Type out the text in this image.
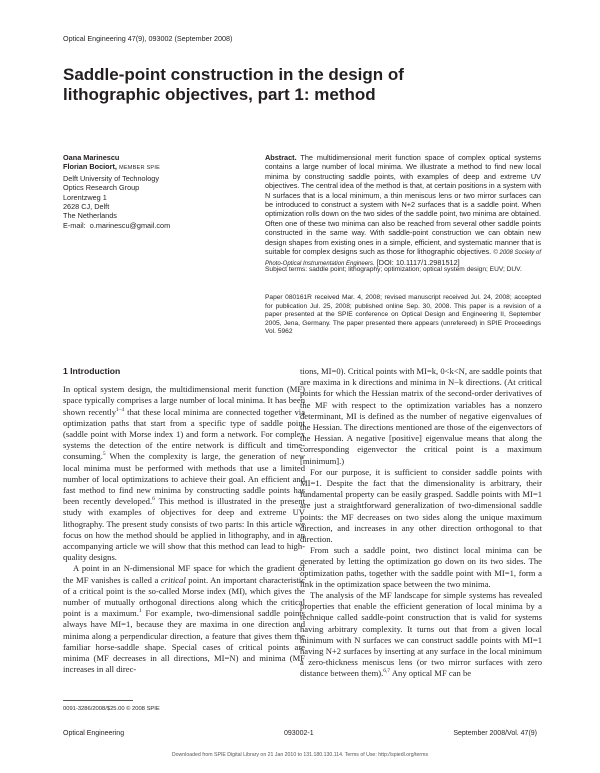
Optical Engineering 47(9), 093002 (September 2008)
Saddle-point construction in the design of lithographic objectives, part 1: method
Oana Marinescu
Florian Bociort, MEMBER SPIE
Delft University of Technology
Optics Research Group
Lorentzweg 1
2628 CJ, Delft
The Netherlands
E-mail: o.marinescu@gmail.com
Abstract. The multidimensional merit function space of complex optical systems contains a large number of local minima. We illustrate a method to find new local minima by constructing saddle points, with examples of deep and extreme UV objectives. The central idea of the method is that, at certain positions in a system with N surfaces that is a local minimum, a thin meniscus lens or two mirror surfaces can be introduced to construct a system with N+2 surfaces that is a saddle point. When optimization rolls down on the two sides of the saddle point, two minima are obtained. Often one of these two minima can also be reached from several other saddle points constructed in the same way. With saddle-point construction we can obtain new design shapes from existing ones in a simple, efficient, and systematic manner that is suitable for complex designs such as those for lithographic objectives. © 2008 Society of Photo-Optical Instrumentation Engineers. [DOI: 10.1117/1.2981512]
Subject terms: saddle point; lithography; optimization; optical system design; EUV; DUV.
Paper 080161R received Mar. 4, 2008; revised manuscript received Jul. 24, 2008; accepted for publication Jul. 25, 2008; published online Sep. 30, 2008. This paper is a revision of a paper presented at the SPIE conference on Optical Design and Engineering II, September 2005, Jena, Germany. The paper presented there appears (unrefereed) in SPIE Proceedings Vol. 5962
1 Introduction

In optical system design, the multidimensional merit function (MF) space typically comprises a large number of local minima. It has been shown recently$^{1-4}$ that these local minima are connected together via optimization paths that start from a specific type of saddle point (saddle point with Morse index 1) and form a network. For complex systems the detection of the entire network is difficult and time-consuming.$^5$ When the complexity is large, the generation of new local minima must be performed with methods that use a limited number of local optimizations to achieve their goal. An efficient and fast method to find new minima by constructing saddle points has been recently developed.$^6$ This method is illustrated in the present study with examples of objectives for deep and extreme UV lithography. The present study consists of two parts: In this article we focus on how the method should be applied in lithography, and in an accompanying article we will show that this method can lead to high-quality designs.

A point in an N-dimensional MF space for which the gradient of the MF vanishes is called a critical point. An important characteristic of a critical point is the so-called Morse index (MI), which gives the number of mutually orthogonal directions along which the critical point is a maximum.$^1$ For example, two-dimensional saddle points always have MI=1, because they are maxima in one direction and minima along a perpendicular direction, a feature that gives them the familiar horse-saddle shape. Special cases of critical points are minima (MF decreases in all directions, MI=N) and minima (MF increases in all direc-

tions, MI=0). Critical points with MI=k, 0<k<N, are saddle points that are maxima in k directions and minima in N−k directions. (At critical points for which the Hessian matrix of the second-order derivatives of the MF with respect to the optimization variables has a nonzero determinant, MI is defined as the number of negative eigenvalues of the Hessian. The directions mentioned are those of the eigenvectors of the Hessian. A negative [positive] eigenvalue means that along the corresponding eigenvector the critical point is a maximum [minimum].)

For our purpose, it is sufficient to consider saddle points with MI=1. Despite the fact that the dimensionality is arbitrary, their fundamental property can be easily grasped. Saddle points with MI=1 are just a straightforward generalization of two-dimensional saddle points: the MF decreases on two sides along the unique maximum direction, and increases in any other direction orthogonal to that direction.

From such a saddle point, two distinct local minima can be generated by letting the optimization go down on its two sides. The optimization paths, together with the saddle point with MI=1, form a link in the optimization space between the two minima.

The analysis of the MF landscape for simple systems has revealed properties that enable the efficient generation of local minima by a technique called saddle-point construction that is valid for systems having arbitrary complexity. It turns out that from a given local minimum with N surfaces we can construct saddle points with MI=1 having N+2 surfaces by inserting at any surface in the local minimum a zero-thickness meniscus lens (or two mirror surfaces with zero distance between them).$^{6,7}$ Any optical MF can be

0091-3286/2008/$25.00 © 2008 SPIE
Optical Engineering	093002-1	September 2008/Vol. 47(9)
Downloaded from SPIE Digital Library on 21 Jan 2010 to 131.180.130.114. Terms of Use: http://spiedl.org/terms
